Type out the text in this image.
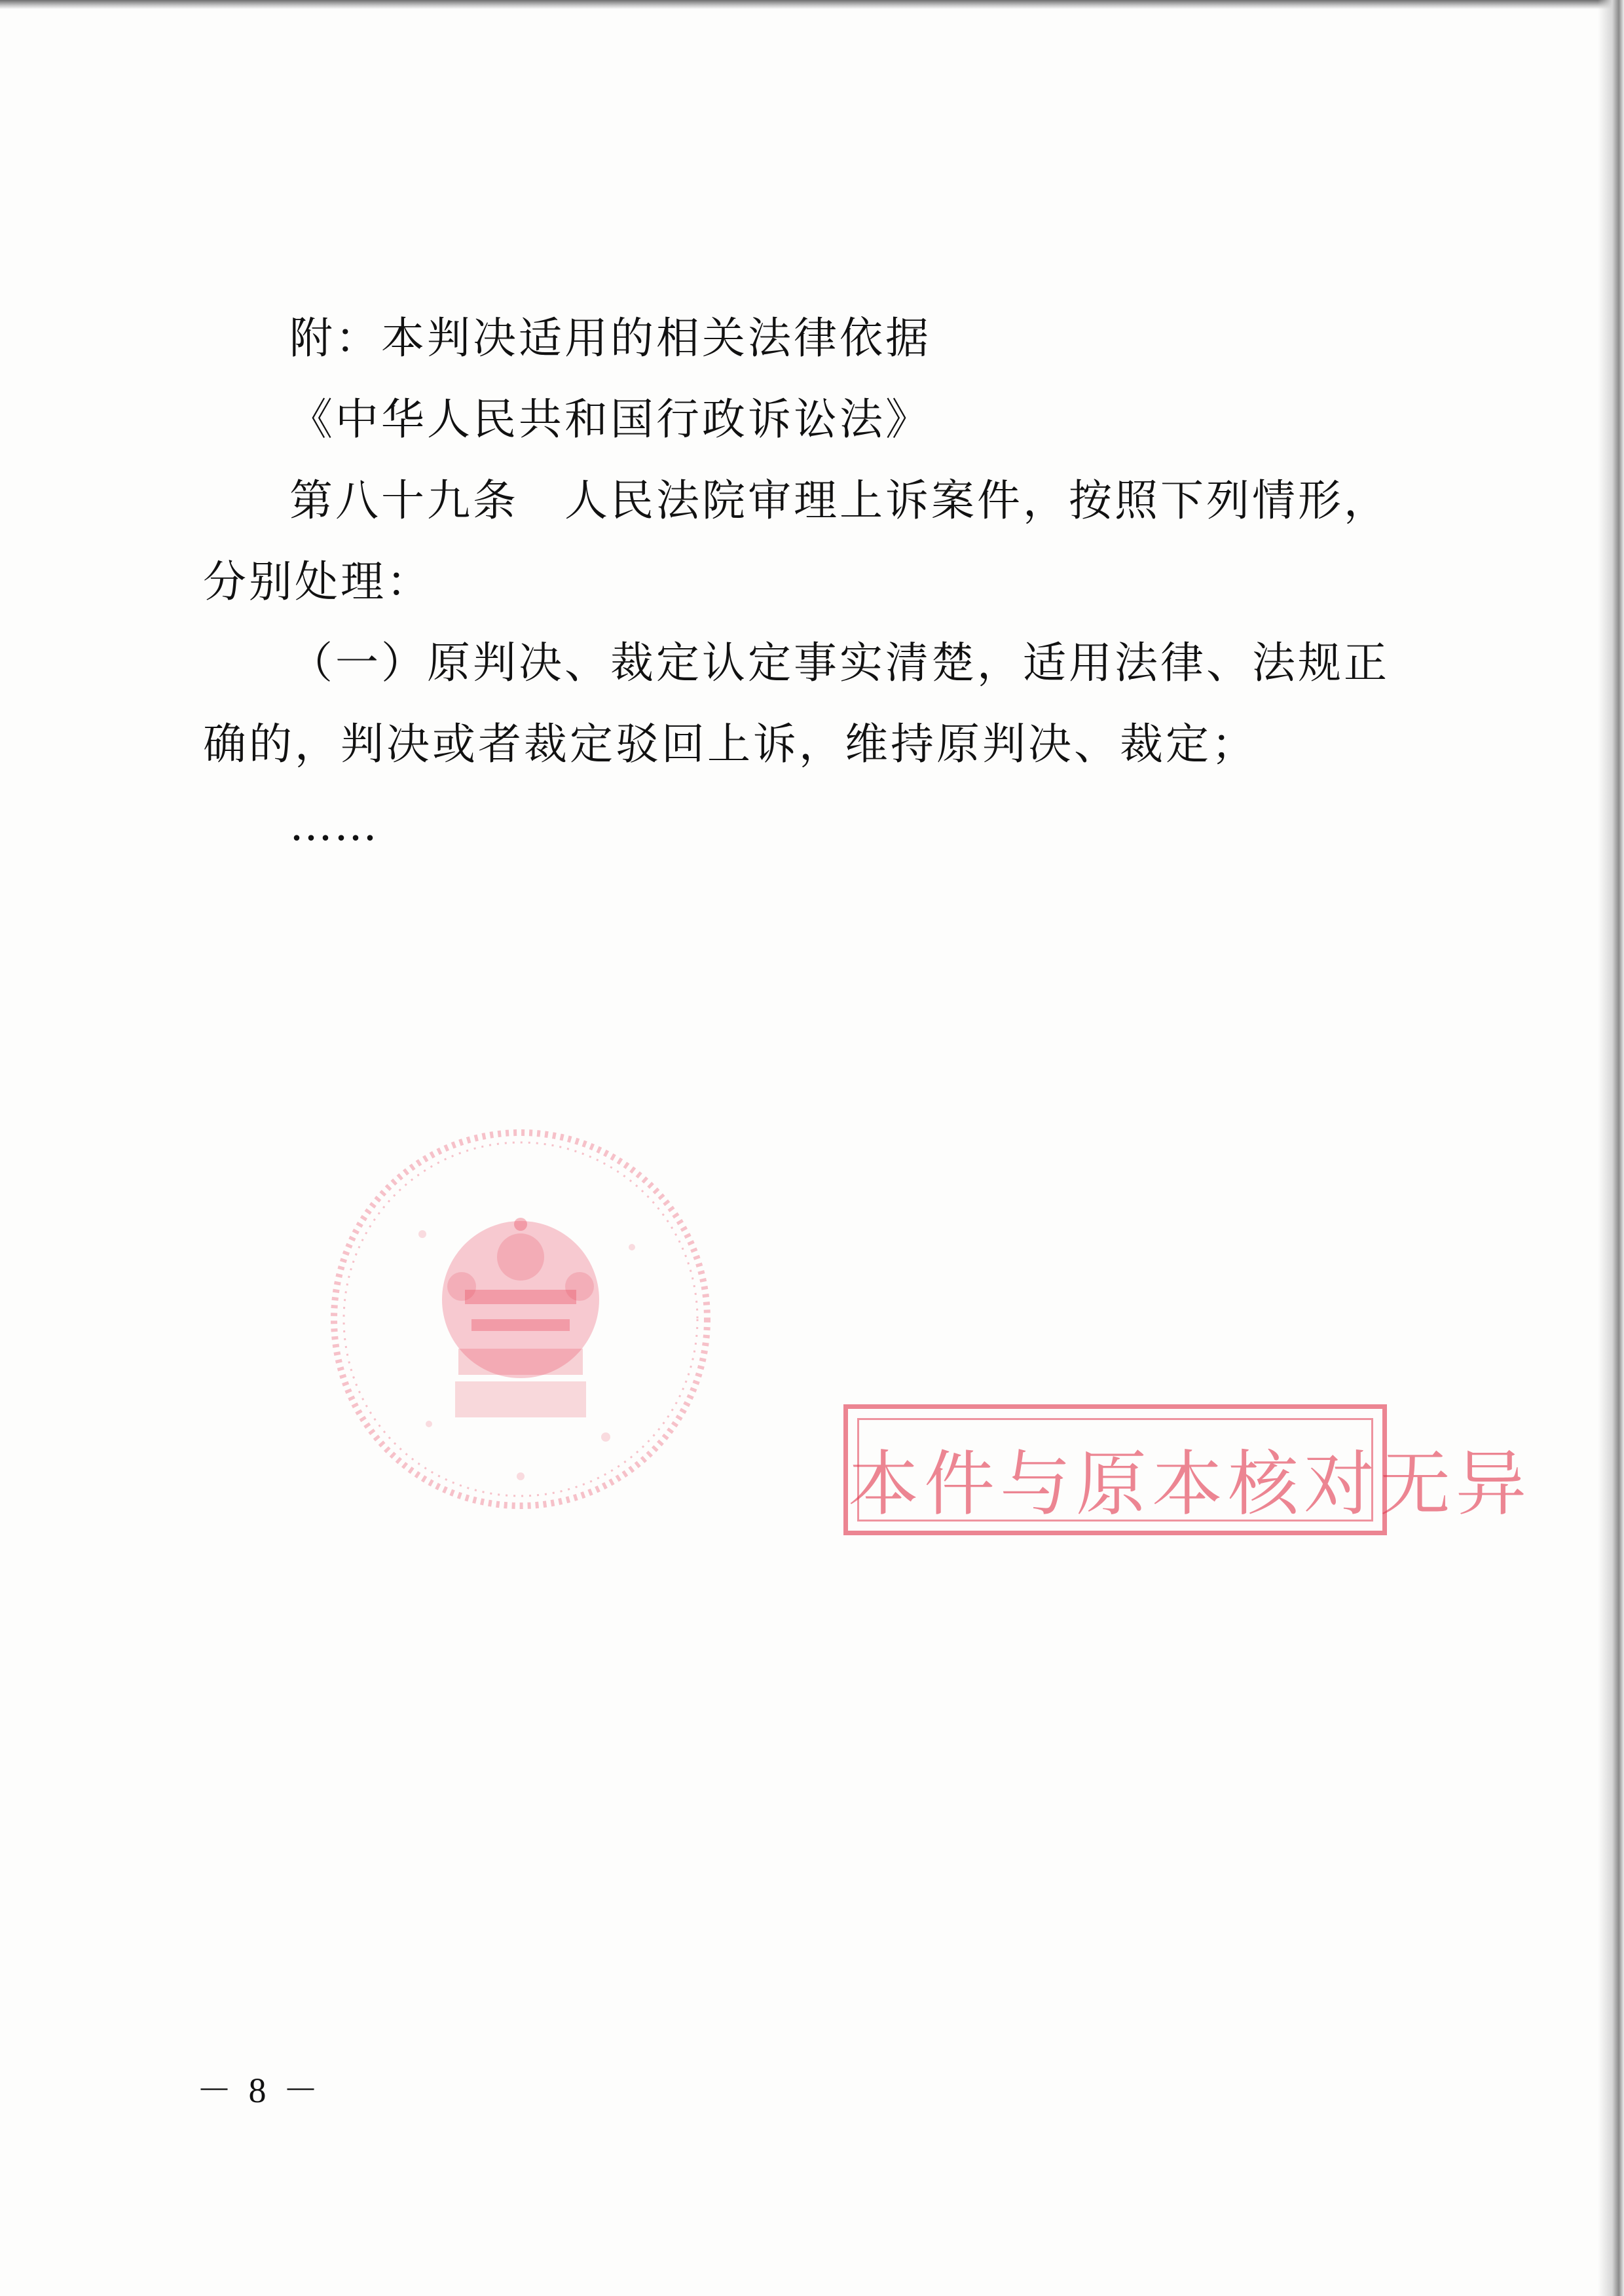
附：本判决适用的相关法律依据

《中华人民共和国行政诉讼法》

第八十九条　人民法院审理上诉案件，按照下列情形，分别处理：

（一）原判决、裁定认定事实清楚，适用法律、法规正确的，判决或者裁定驳回上诉，维持原判决、裁定；

……

本件与原本核对无异
－ 8 －
